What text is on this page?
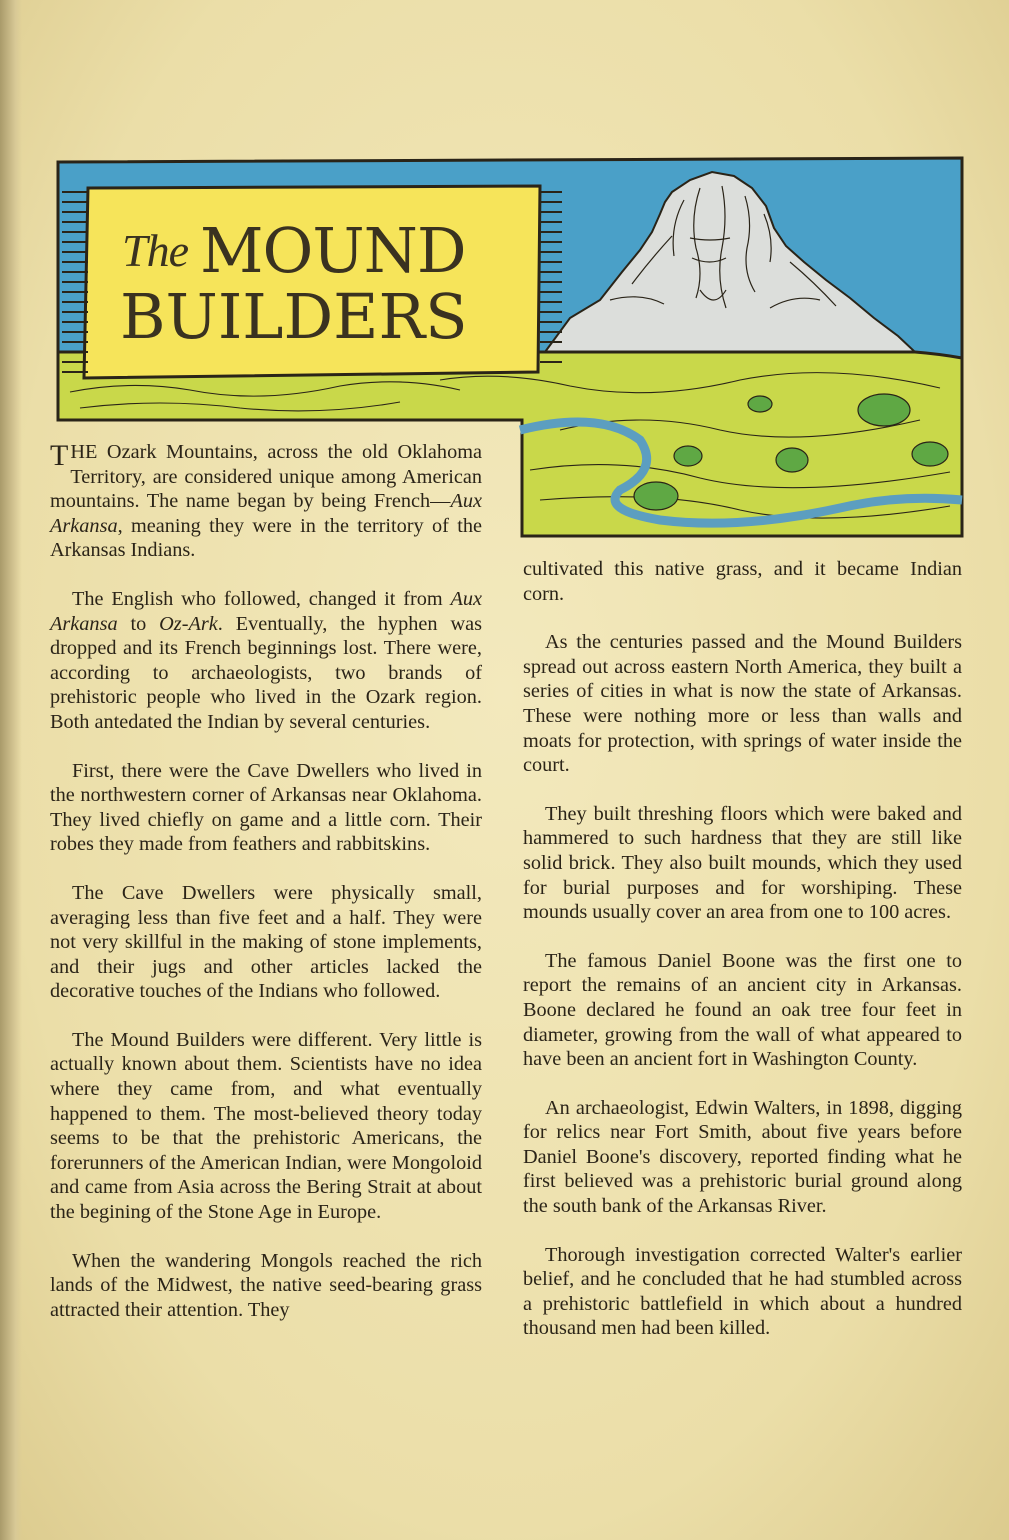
The MOUND
BUILDERS

T HE Ozark Mountains, across the old Oklahoma Territory, are considered unique among American mountains. The name began by being French—Aux Arkansa, meaning they were in the territory of the Arkansas Indians.

The English who followed, changed it from Aux Arkansa to Oz-Ark. Eventually, the hyphen was dropped and its French beginnings lost. There were, according to archaeologists, two brands of prehistoric people who lived in the Ozark region. Both antedated the Indian by several centuries.

First, there were the Cave Dwellers who lived in the northwestern corner of Arkansas near Oklahoma. They lived chiefly on game and a little corn. Their robes they made from feathers and rabbitskins.

The Cave Dwellers were physically small, averaging less than five feet and a half. They were not very skillful in the making of stone implements, and their jugs and other articles lacked the decorative touches of the Indians who followed.

The Mound Builders were different. Very little is actually known about them. Scientists have no idea where they came from, and what eventually happened to them. The most-believed theory today seems to be that the prehistoric Americans, the forerunners of the American Indian, were Mongoloid and came from Asia across the Bering Strait at about the begining of the Stone Age in Europe.

When the wandering Mongols reached the rich lands of the Midwest, the native seed-bearing grass attracted their attention. They

cultivated this native grass, and it became Indian corn.

As the centuries passed and the Mound Builders spread out across eastern North America, they built a series of cities in what is now the state of Arkansas. These were nothing more or less than walls and moats for protection, with springs of water inside the court.

They built threshing floors which were baked and hammered to such hardness that they are still like solid brick. They also built mounds, which they used for burial purposes and for worshiping. These mounds usually cover an area from one to 100 acres.

The famous Daniel Boone was the first one to report the remains of an ancient city in Arkansas. Boone declared he found an oak tree four feet in diameter, growing from the wall of what appeared to have been an ancient fort in Washington County.

An archaeologist, Edwin Walters, in 1898, digging for relics near Fort Smith, about five years before Daniel Boone's discovery, reported finding what he first believed was a prehistoric burial ground along the south bank of the Arkansas River.

Thorough investigation corrected Walter's earlier belief, and he concluded that he had stumbled across a prehistoric battlefield in which about a hundred thousand men had been killed.
